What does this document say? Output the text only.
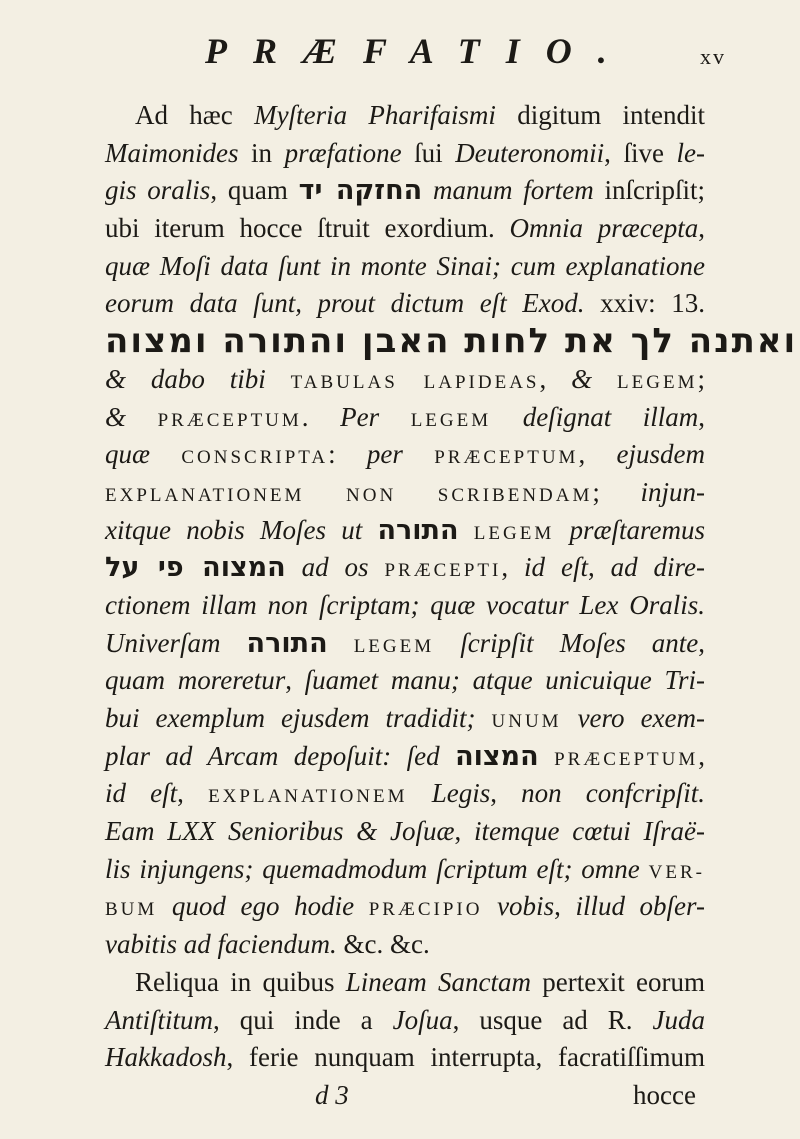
PRÆFATIO.	xv
Ad hæc Myſteria Pharifaismi digitum intendit
Maimonides in præfatione ſui Deuteronomii, ſive le-
gis oralis, quam החזקה יד manum fortem inſcripſit;
ubi iterum hocce ſtruit exordium. Omnia præcepta,
quæ Moſi data ſunt in monte Sinai; cum explanatione
eorum data ſunt, prout dictum eſt Exod. xxiv: 13.
ואתנה לך את לחות האבן והתורה ומצוה
& dabo tibi TABULAS LAPIDEAS, & LEGEM;
& PRÆCEPTUM. Per LEGEM deſignat illam,
quæ CONSCRIPTA: per PRÆCEPTUM, ejusdem
EXPLANATIONEM NON SCRIBENDAM; injun-
xitque nobis Moſes ut התורה LEGEM præſtaremus
המצוה פי על ad os PRÆCEPTI, id eſt, ad dire-
ctionem illam non ſcriptam; quæ vocatur Lex Oralis.
Univerſam התורה LEGEM ſcripſit Moſes ante,
quam moreretur, ſuamet manu; atque unicuique Tri-
bui exemplum ejusdem tradidit; UNUM vero exem-
plar ad Arcam depoſuit: ſed המצוה PRÆCEPTUM,
id eſt, EXPLANATIONEM Legis, non confcripſit.
Eam LXX Senioribus & Joſuæ, itemque cœtui Iſraë-
lis injungens; quemadmodum ſcriptum eſt; omne VER-
BUM quod ego hodie PRÆCIPIO vobis, illud obſer-
vabitis ad faciendum. &c. &c.
Reliqua in quibus Lineam Sanctam pertexit eorum
Antiſtitum, qui inde a Joſua, usque ad R. Juda
Hakkadosh, ferie nunquam interrupta, facratiſſimum
d 3	hocce
